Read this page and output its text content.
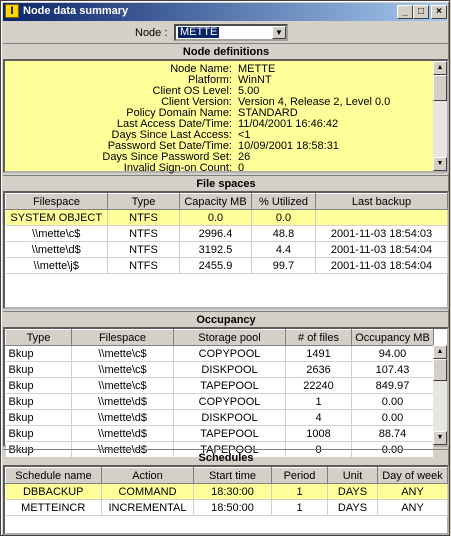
I Node data summary	_	□	×
Node : METTE	▼
Node definitions
Node Name: METTE
Platform: WinNT
Client OS Level: 5.00
Client Version: Version 4, Release 2, Level 0.0
Policy Domain Name: STANDARD
Last Access Date/Time: 11/04/2001 16:46:42
Days Since Last Access: <1
Password Set Date/Time: 10/09/2001 18:58:31
Days Since Password Set: 26
Invalid Sign-on Count: 0
▲
▼
File spaces
Filespace	Type	Capacity MB	% Utilized	Last backup
SYSTEM OBJECT	NTFS	0.0	0.0	
\\mette\c$	NTFS	2996.4	48.8	2001-11-03 18:54:03
\\mette\d$	NTFS	3192.5	4.4	2001-11-03 18:54:04
\\mette\j$	NTFS	2455.9	99.7	2001-11-03 18:54:04
Occupancy
Type	Filespace	Storage pool	# of files	Occupancy MB
Bkup	\\mette\c$	COPYPOOL	1491	94.00
Bkup	\\mette\c$	DISKPOOL	2636	107.43
Bkup	\\mette\c$	TAPEPOOL	22240	849.97
Bkup	\\mette\d$	COPYPOOL	1	0.00
Bkup	\\mette\d$	DISKPOOL	4	0.00
Bkup	\\mette\d$	TAPEPOOL	1008	88.74
Bkup	\\mette\d$	TAPEPOOL	0	0.00
▲
▼
Schedules
Schedule name	Action	Start time	Period	Unit	Day of week
DBBACKUP	COMMAND	18:30:00	1	DAYS	ANY
METTEINCR	INCREMENTAL	18:50:00	1	DAYS	ANY
